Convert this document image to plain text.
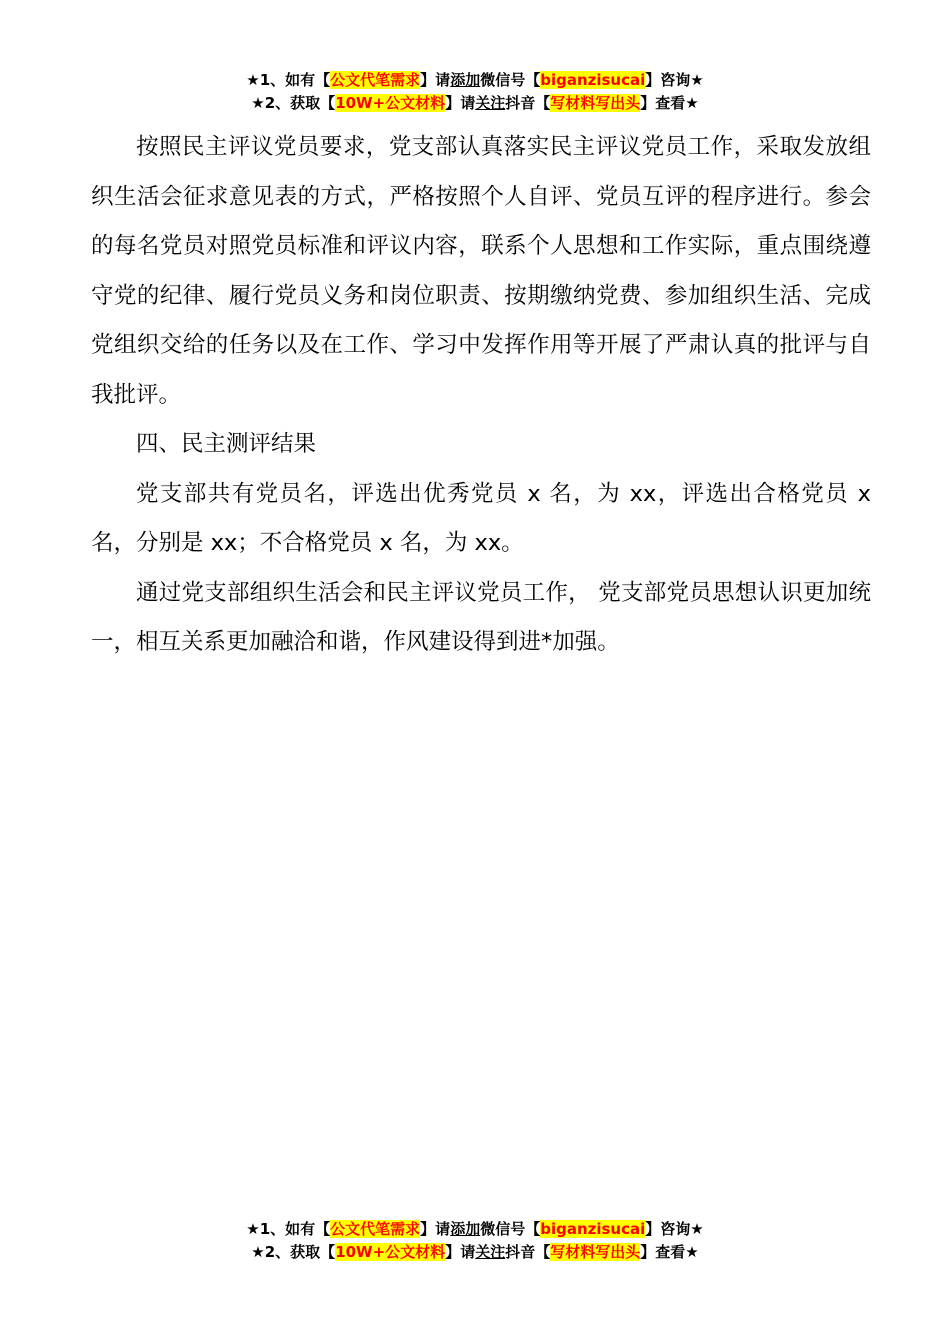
★1、如有【公文代笔需求】请添加微信号【biganzisucai】咨询★
★2、获取【10W+公文材料】请关注抖音【写材料写出头】查看★

按照民主评议党员要求，党支部认真落实民主评议党员工作，采取发放组织生活会征求意见表的方式，严格按照个人自评、党员互评的程序进行。参会的每名党员对照党员标准和评议内容，联系个人思想和工作实际，重点围绕遵守党的纪律、履行党员义务和岗位职责、按期缴纳党费、参加组织生活、完成党组织交给的任务以及在工作、学习中发挥作用等开展了严肃认真的批评与自我批评。

四、民主测评结果

党支部共有党员名，评选出优秀党员 x 名，为 xx，评选出合格党员 x 名，分别是 xx；不合格党员 x 名，为 xx。

通过党支部组织生活会和民主评议党员工作， 党支部党员思想认识更加统一，相互关系更加融洽和谐，作风建设得到进*加强。

★1、如有【公文代笔需求】请添加微信号【biganzisucai】咨询★
★2、获取【10W+公文材料】请关注抖音【写材料写出头】查看★
